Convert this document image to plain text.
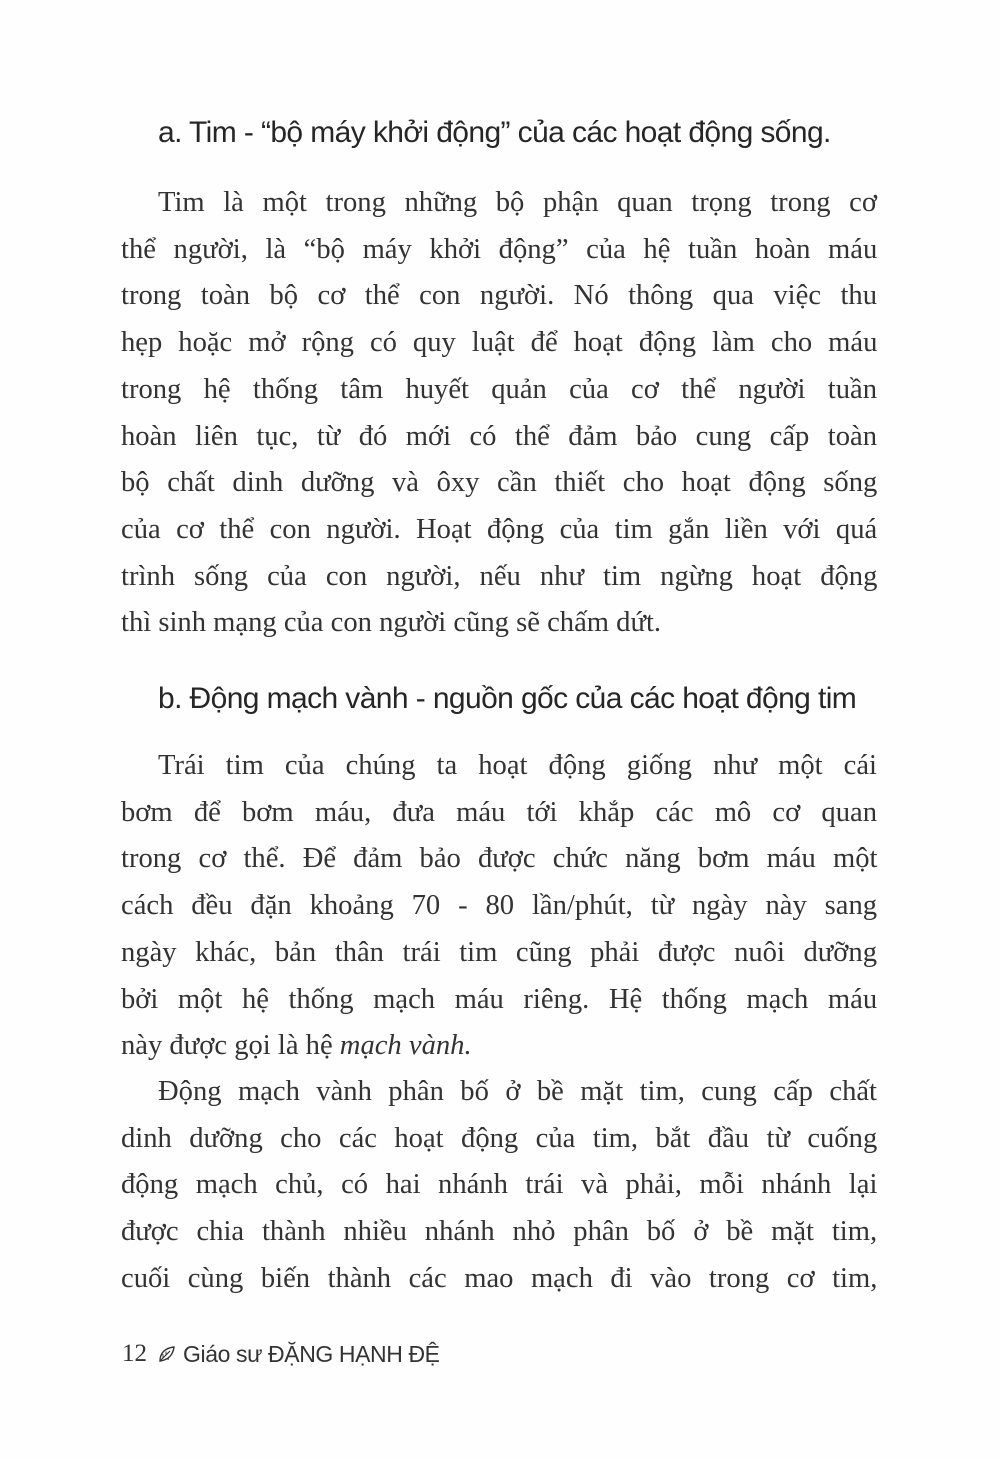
a. Tim - “bộ máy khởi động” của các hoạt động sống.

Tim là một trong những bộ phận quan trọng trong cơ
thể người, là “bộ máy khởi động” của hệ tuần hoàn máu
trong toàn bộ cơ thể con người. Nó thông qua việc thu
hẹp hoặc mở rộng có quy luật để hoạt động làm cho máu
trong hệ thống tâm huyết quản của cơ thể người tuần
hoàn liên tục, từ đó mới có thể đảm bảo cung cấp toàn
bộ chất dinh dưỡng và ôxy cần thiết cho hoạt động sống
của cơ thể con người. Hoạt động của tim gắn liền với quá
trình sống của con người, nếu như tim ngừng hoạt động
thì sinh mạng của con người cũng sẽ chấm dứt.

b. Động mạch vành - nguồn gốc của các hoạt động tim

Trái tim của chúng ta hoạt động giống như một cái
bơm để bơm máu, đưa máu tới khắp các mô cơ quan
trong cơ thể. Để đảm bảo được chức năng bơm máu một
cách đều đặn khoảng 70 - 80 lần/phút, từ ngày này sang
ngày khác, bản thân trái tim cũng phải được nuôi dưỡng
bởi một hệ thống mạch máu riêng. Hệ thống mạch máu
này được gọi là hệ mạch vành.

Động mạch vành phân bố ở bề mặt tim, cung cấp chất
dinh dưỡng cho các hoạt động của tim, bắt đầu từ cuống
động mạch chủ, có hai nhánh trái và phải, mỗi nhánh lại
được chia thành nhiều nhánh nhỏ phân bố ở bề mặt tim,
cuối cùng biến thành các mao mạch đi vào trong cơ tim,

12 Giáo sư ĐẶNG HẠNH ĐỆ
